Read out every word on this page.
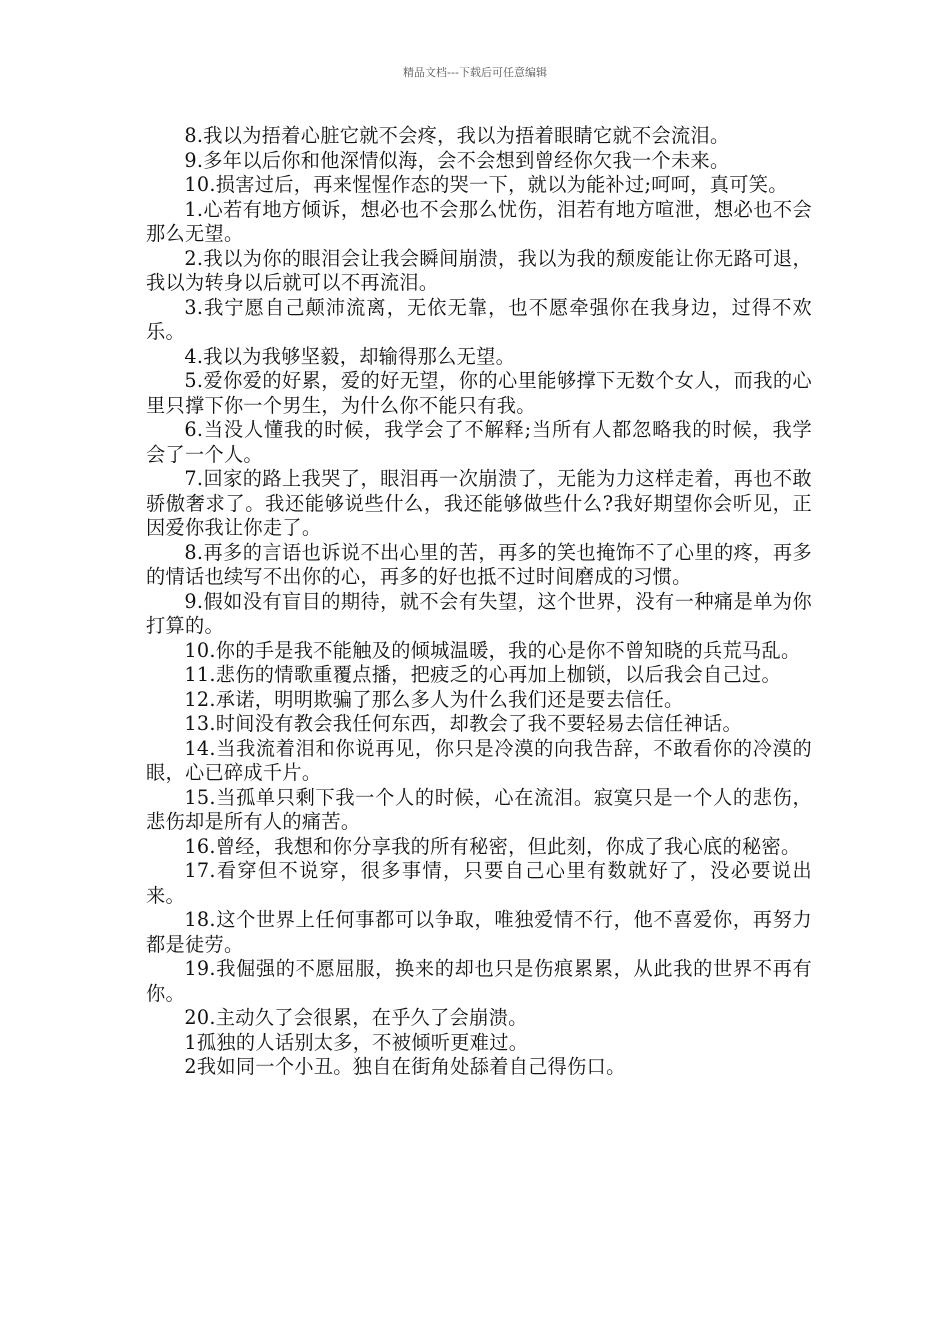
精品文档---下载后可任意编辑

8.我以为捂着心脏它就不会疼，我以为捂着眼睛它就不会流泪。

9.多年以后你和他深情似海，会不会想到曾经你欠我一个未来。

10.损害过后，再来惺惺作态的哭一下，就以为能补过;呵呵，真可笑。

1.心若有地方倾诉，想必也不会那么忧伤，泪若有地方喧泄，想必也不会那么无望。

2.我以为你的眼泪会让我会瞬间崩溃，我以为我的颓废能让你无路可退，我以为转身以后就可以不再流泪。

3.我宁愿自己颠沛流离，无依无靠，也不愿牵强你在我身边，过得不欢乐。

4.我以为我够坚毅，却输得那么无望。

5.爱你爱的好累，爱的好无望，你的心里能够撑下无数个女人，而我的心里只撑下你一个男生，为什么你不能只有我。

6.当没人懂我的时候，我学会了不解释;当所有人都忽略我的时候，我学会了一个人。

7.回家的路上我哭了，眼泪再一次崩溃了，无能为力这样走着，再也不敢骄傲奢求了。我还能够说些什么，我还能够做些什么?我好期望你会听见，正因爱你我让你走了。

8.再多的言语也诉说不出心里的苦，再多的笑也掩饰不了心里的疼，再多的情话也续写不出你的心，再多的好也抵不过时间磨成的习惯。

9.假如没有盲目的期待，就不会有失望，这个世界，没有一种痛是单为你打算的。

10.你的手是我不能触及的倾城温暖，我的心是你不曾知晓的兵荒马乱。

11.悲伤的情歌重覆点播，把疲乏的心再加上枷锁，以后我会自己过。

12.承诺，明明欺骗了那么多人为什么我们还是要去信任。

13.时间没有教会我任何东西，却教会了我不要轻易去信任神话。

14.当我流着泪和你说再见，你只是冷漠的向我告辞，不敢看你的冷漠的眼，心已碎成千片。

15.当孤单只剩下我一个人的时候，心在流泪。寂寞只是一个人的悲伤，悲伤却是所有人的痛苦。

16.曾经，我想和你分享我的所有秘密，但此刻，你成了我心底的秘密。

17.看穿但不说穿，很多事情，只要自己心里有数就好了，没必要说出来。

18.这个世界上任何事都可以争取，唯独爱情不行，他不喜爱你，再努力都是徒劳。

19.我倔强的不愿屈服，换来的却也只是伤痕累累，从此我的世界不再有你。

20.主动久了会很累，在乎久了会崩溃。

1孤独的人话别太多，不被倾听更难过。

2我如同一个小丑。独自在街角处舔着自己得伤口。
